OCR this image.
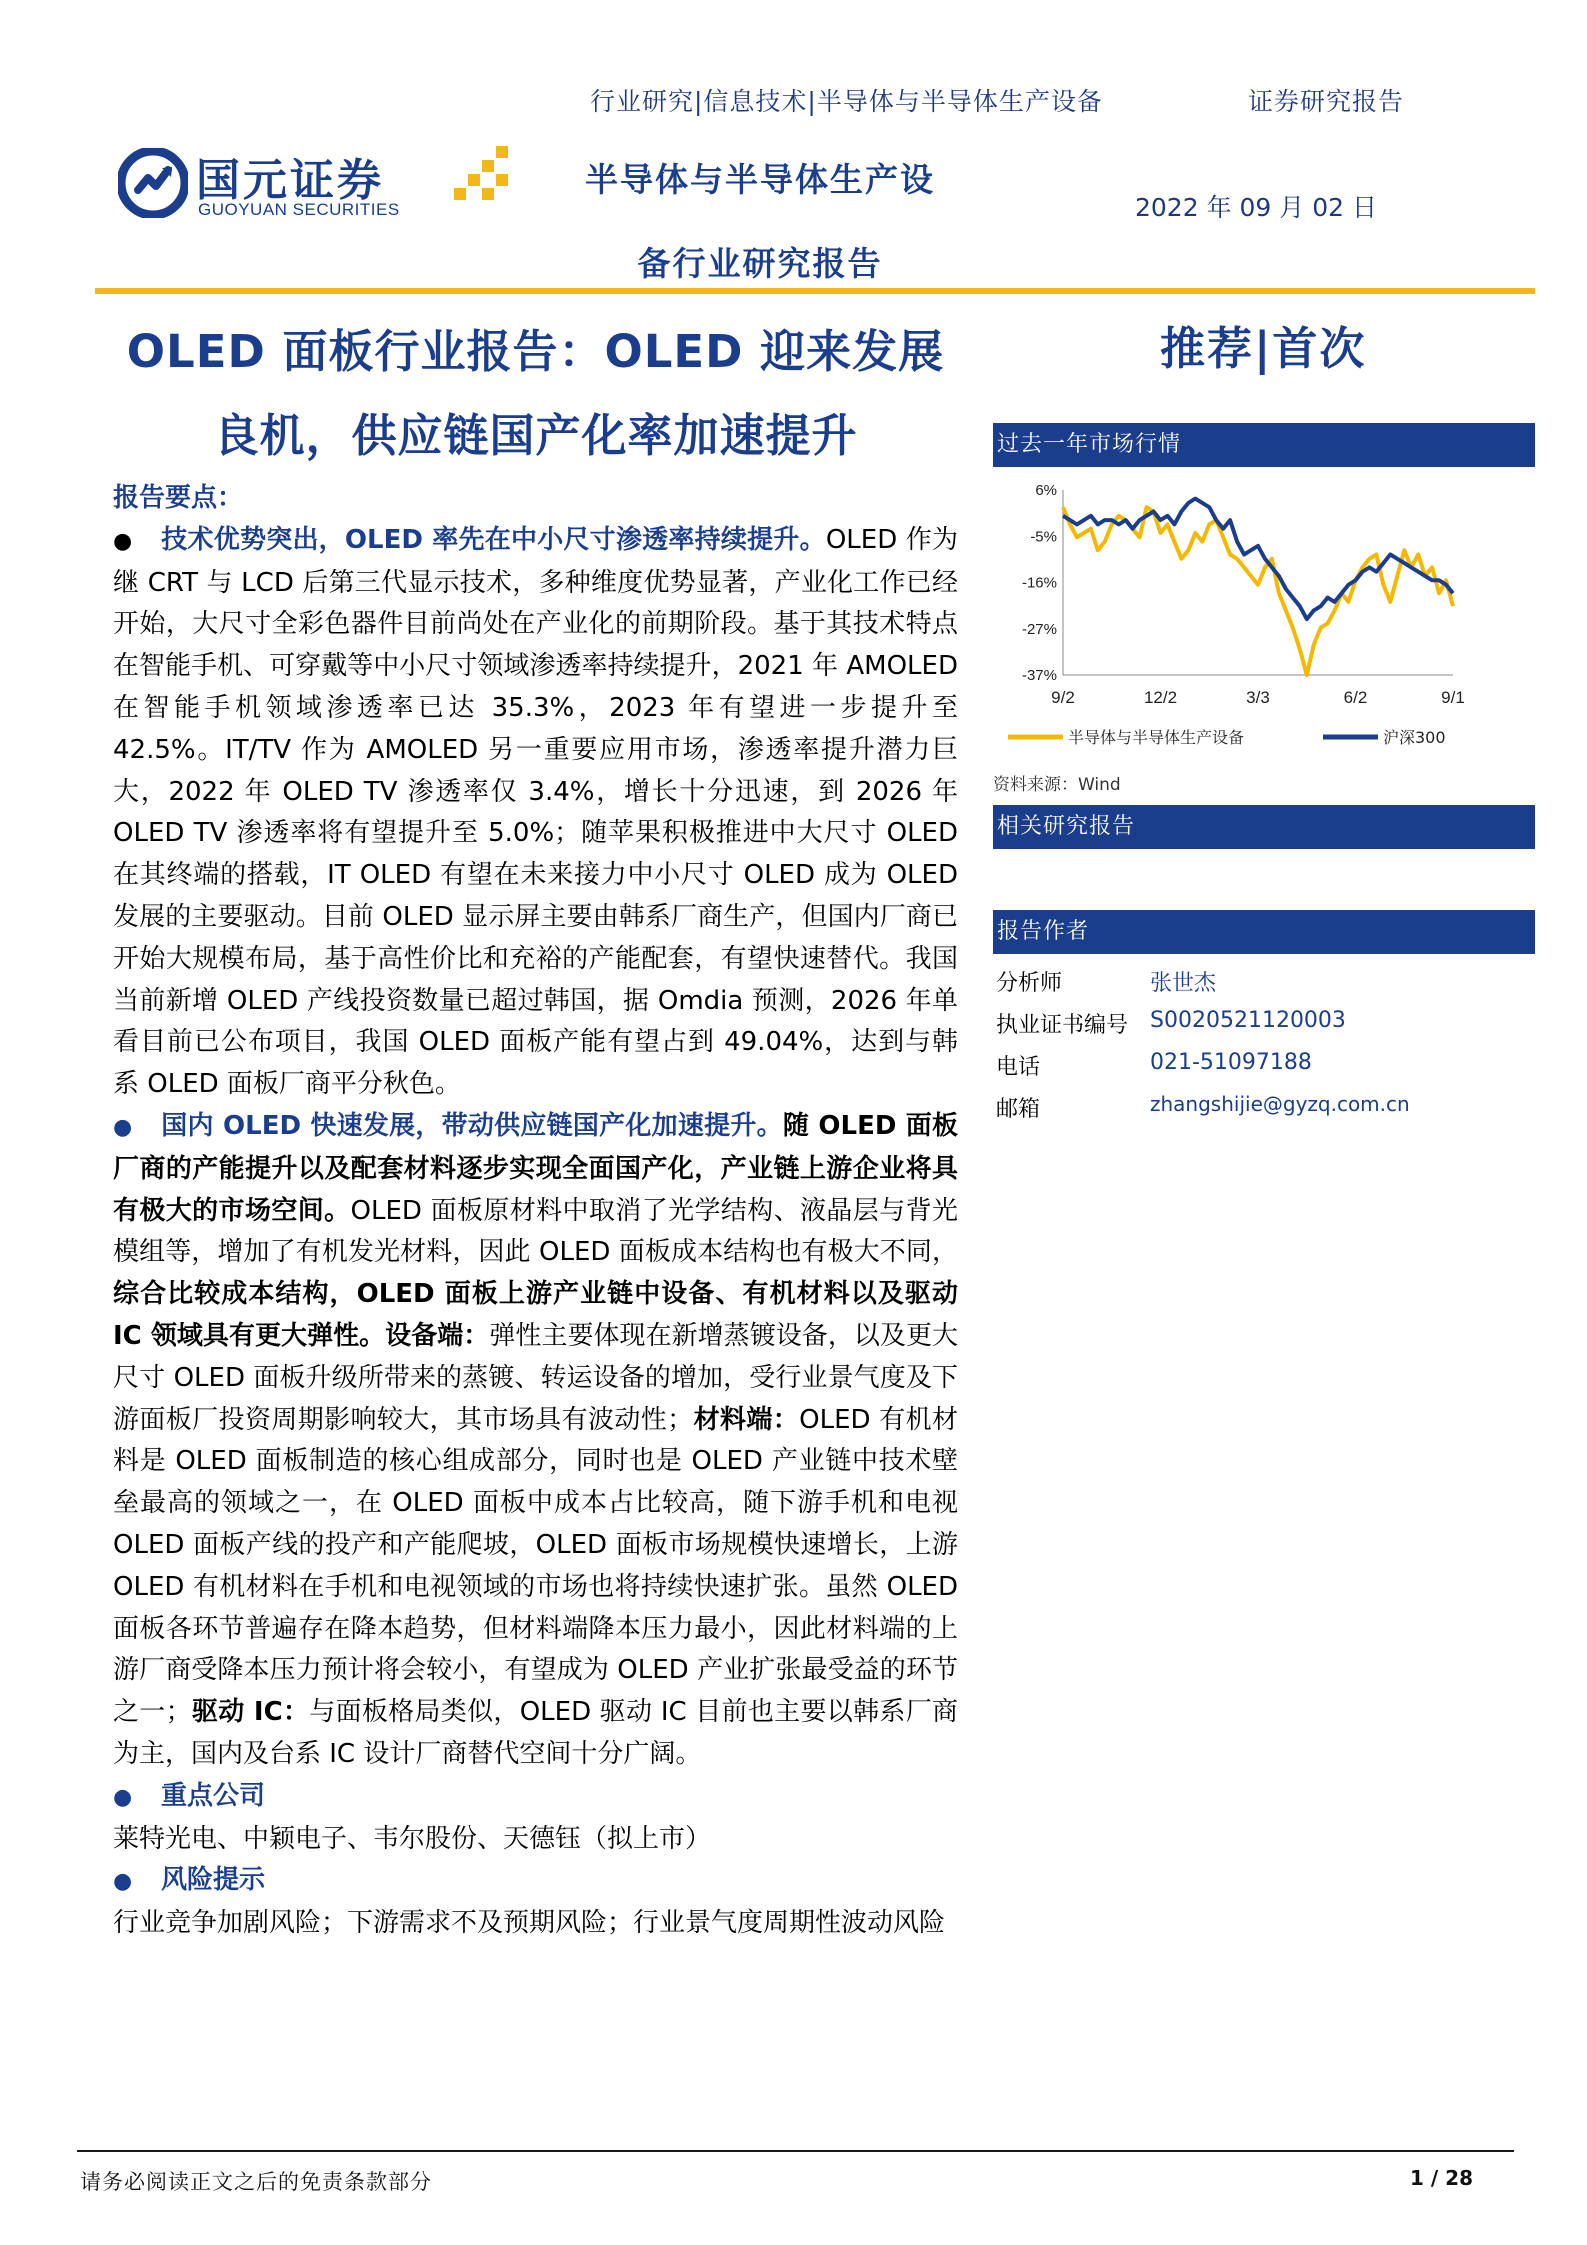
行业研究|信息技术|半导体与半导体生产设备	证券研究报告
国元证券
GUOYUAN SECURITIES
半导体与半导体生产设
备行业研究报告
2022 年 09 月 02 日
OLED 面板行业报告：OLED 迎来发展
良机，供应链国产化率加速提升
推荐|首次

报告要点：

● 技术优势突出，OLED 率先在中小尺寸渗透率持续提升。OLED 作为继 CRT 与 LCD 后第三代显示技术，多种维度优势显著，产业化工作已经开始，大尺寸全彩色器件目前尚处在产业化的前期阶段。基于其技术特点在智能手机、可穿戴等中小尺寸领域渗透率持续提升，2021 年 AMOLED 在智能手机领域渗透率已达 35.3%，2023 年有望进一步提升至 42.5%。IT/TV 作为 AMOLED 另一重要应用市场，渗透率提升潜力巨大，2022 年 OLED TV 渗透率仅 3.4%，增长十分迅速，到 2026 年 OLED TV 渗透率将有望提升至 5.0%；随苹果积极推进中大尺寸 OLED 在其终端的搭载，IT OLED 有望在未来接力中小尺寸 OLED 成为 OLED 发展的主要驱动。目前 OLED 显示屏主要由韩系厂商生产，但国内厂商已开始大规模布局，基于高性价比和充裕的产能配套，有望快速替代。我国当前新增 OLED 产线投资数量已超过韩国，据 Omdia 预测，2026 年单看目前已公布项目，我国 OLED 面板产能有望占到 49.04%，达到与韩系 OLED 面板厂商平分秋色。

● 国内 OLED 快速发展，带动供应链国产化加速提升。随 OLED 面板厂商的产能提升以及配套材料逐步实现全面国产化，产业链上游企业将具有极大的市场空间。OLED 面板原材料中取消了光学结构、液晶层与背光模组等，增加了有机发光材料，因此 OLED 面板成本结构也有极大不同，综合比较成本结构，OLED 面板上游产业链中设备、有机材料以及驱动 IC 领域具有更大弹性。设备端：弹性主要体现在新增蒸镀设备，以及更大尺寸 OLED 面板升级所带来的蒸镀、转运设备的增加，受行业景气度及下游面板厂投资周期影响较大，其市场具有波动性；材料端：OLED 有机材料是 OLED 面板制造的核心组成部分，同时也是 OLED 产业链中技术壁垒最高的领域之一，在 OLED 面板中成本占比较高，随下游手机和电视 OLED 面板产线的投产和产能爬坡，OLED 面板市场规模快速增长，上游 OLED 有机材料在手机和电视领域的市场也将持续快速扩张。虽然 OLED 面板各环节普遍存在降本趋势，但材料端降本压力最小，因此材料端的上游厂商受降本压力预计将会较小，有望成为 OLED 产业扩张最受益的环节之一；驱动 IC：与面板格局类似，OLED 驱动 IC 目前也主要以韩系厂商为主，国内及台系 IC 设计厂商替代空间十分广阔。

● 重点公司

莱特光电、中颖电子、韦尔股份、天德钰（拟上市）

● 风险提示

行业竞争加剧风险；下游需求不及预期风险；行业景气度周期性波动风险

过去一年市场行情
6%
-5%
-16%
-27%
-37%
9/2	12/2	3/3	6/2	9/1
半导体与半导体生产设备	沪深300
资料来源：Wind
相关研究报告
报告作者
分析师	张世杰
执业证书编号 S0020521120003
电话	021-51097188
邮箱	zhangshijie@gyzq.com.cn
请务必阅读正文之后的免责条款部分	1 / 28
